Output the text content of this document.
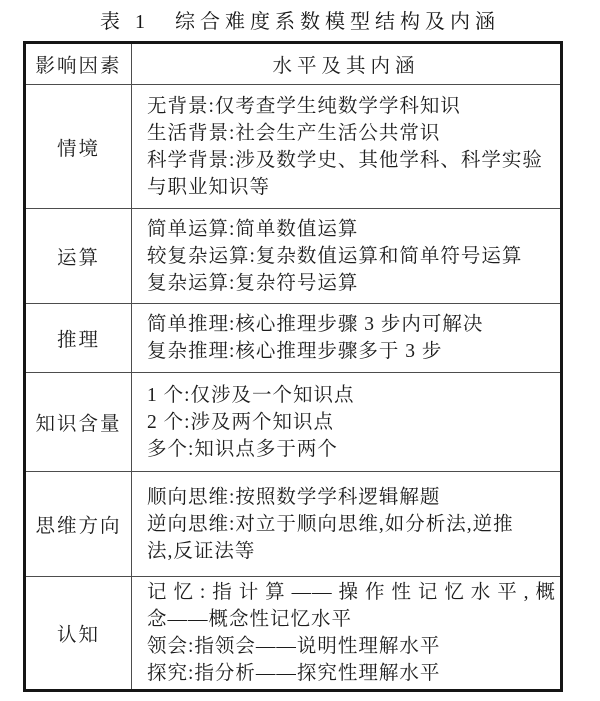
表 1　综合难度系数模型结构及内涵
影响因素	水平及其内涵
情境	无背景:仅考查学生纯数学学科知识
生活背景:社会生产生活公共常识
科学背景:涉及数学史、其他学科、科学实验
与职业知识等

运算	简单运算:简单数值运算
较复杂运算:复杂数值运算和简单符号运算
复杂运算:复杂符号运算

推理	简单推理:核心推理步骤 3 步内可解决
复杂推理:核心推理步骤多于 3 步

知识含量	1 个:仅涉及一个知识点
2 个:涉及两个知识点
多个:知识点多于两个

思维方向	顺向思维:按照数学学科逻辑解题
逆向思维:对立于顺向思维,如分析法,逆推
法,反证法等

认知	记忆:指计算——操作性记忆水平,概
念——概念性记忆水平
领会:指领会——说明性理解水平
探究:指分析——探究性理解水平
